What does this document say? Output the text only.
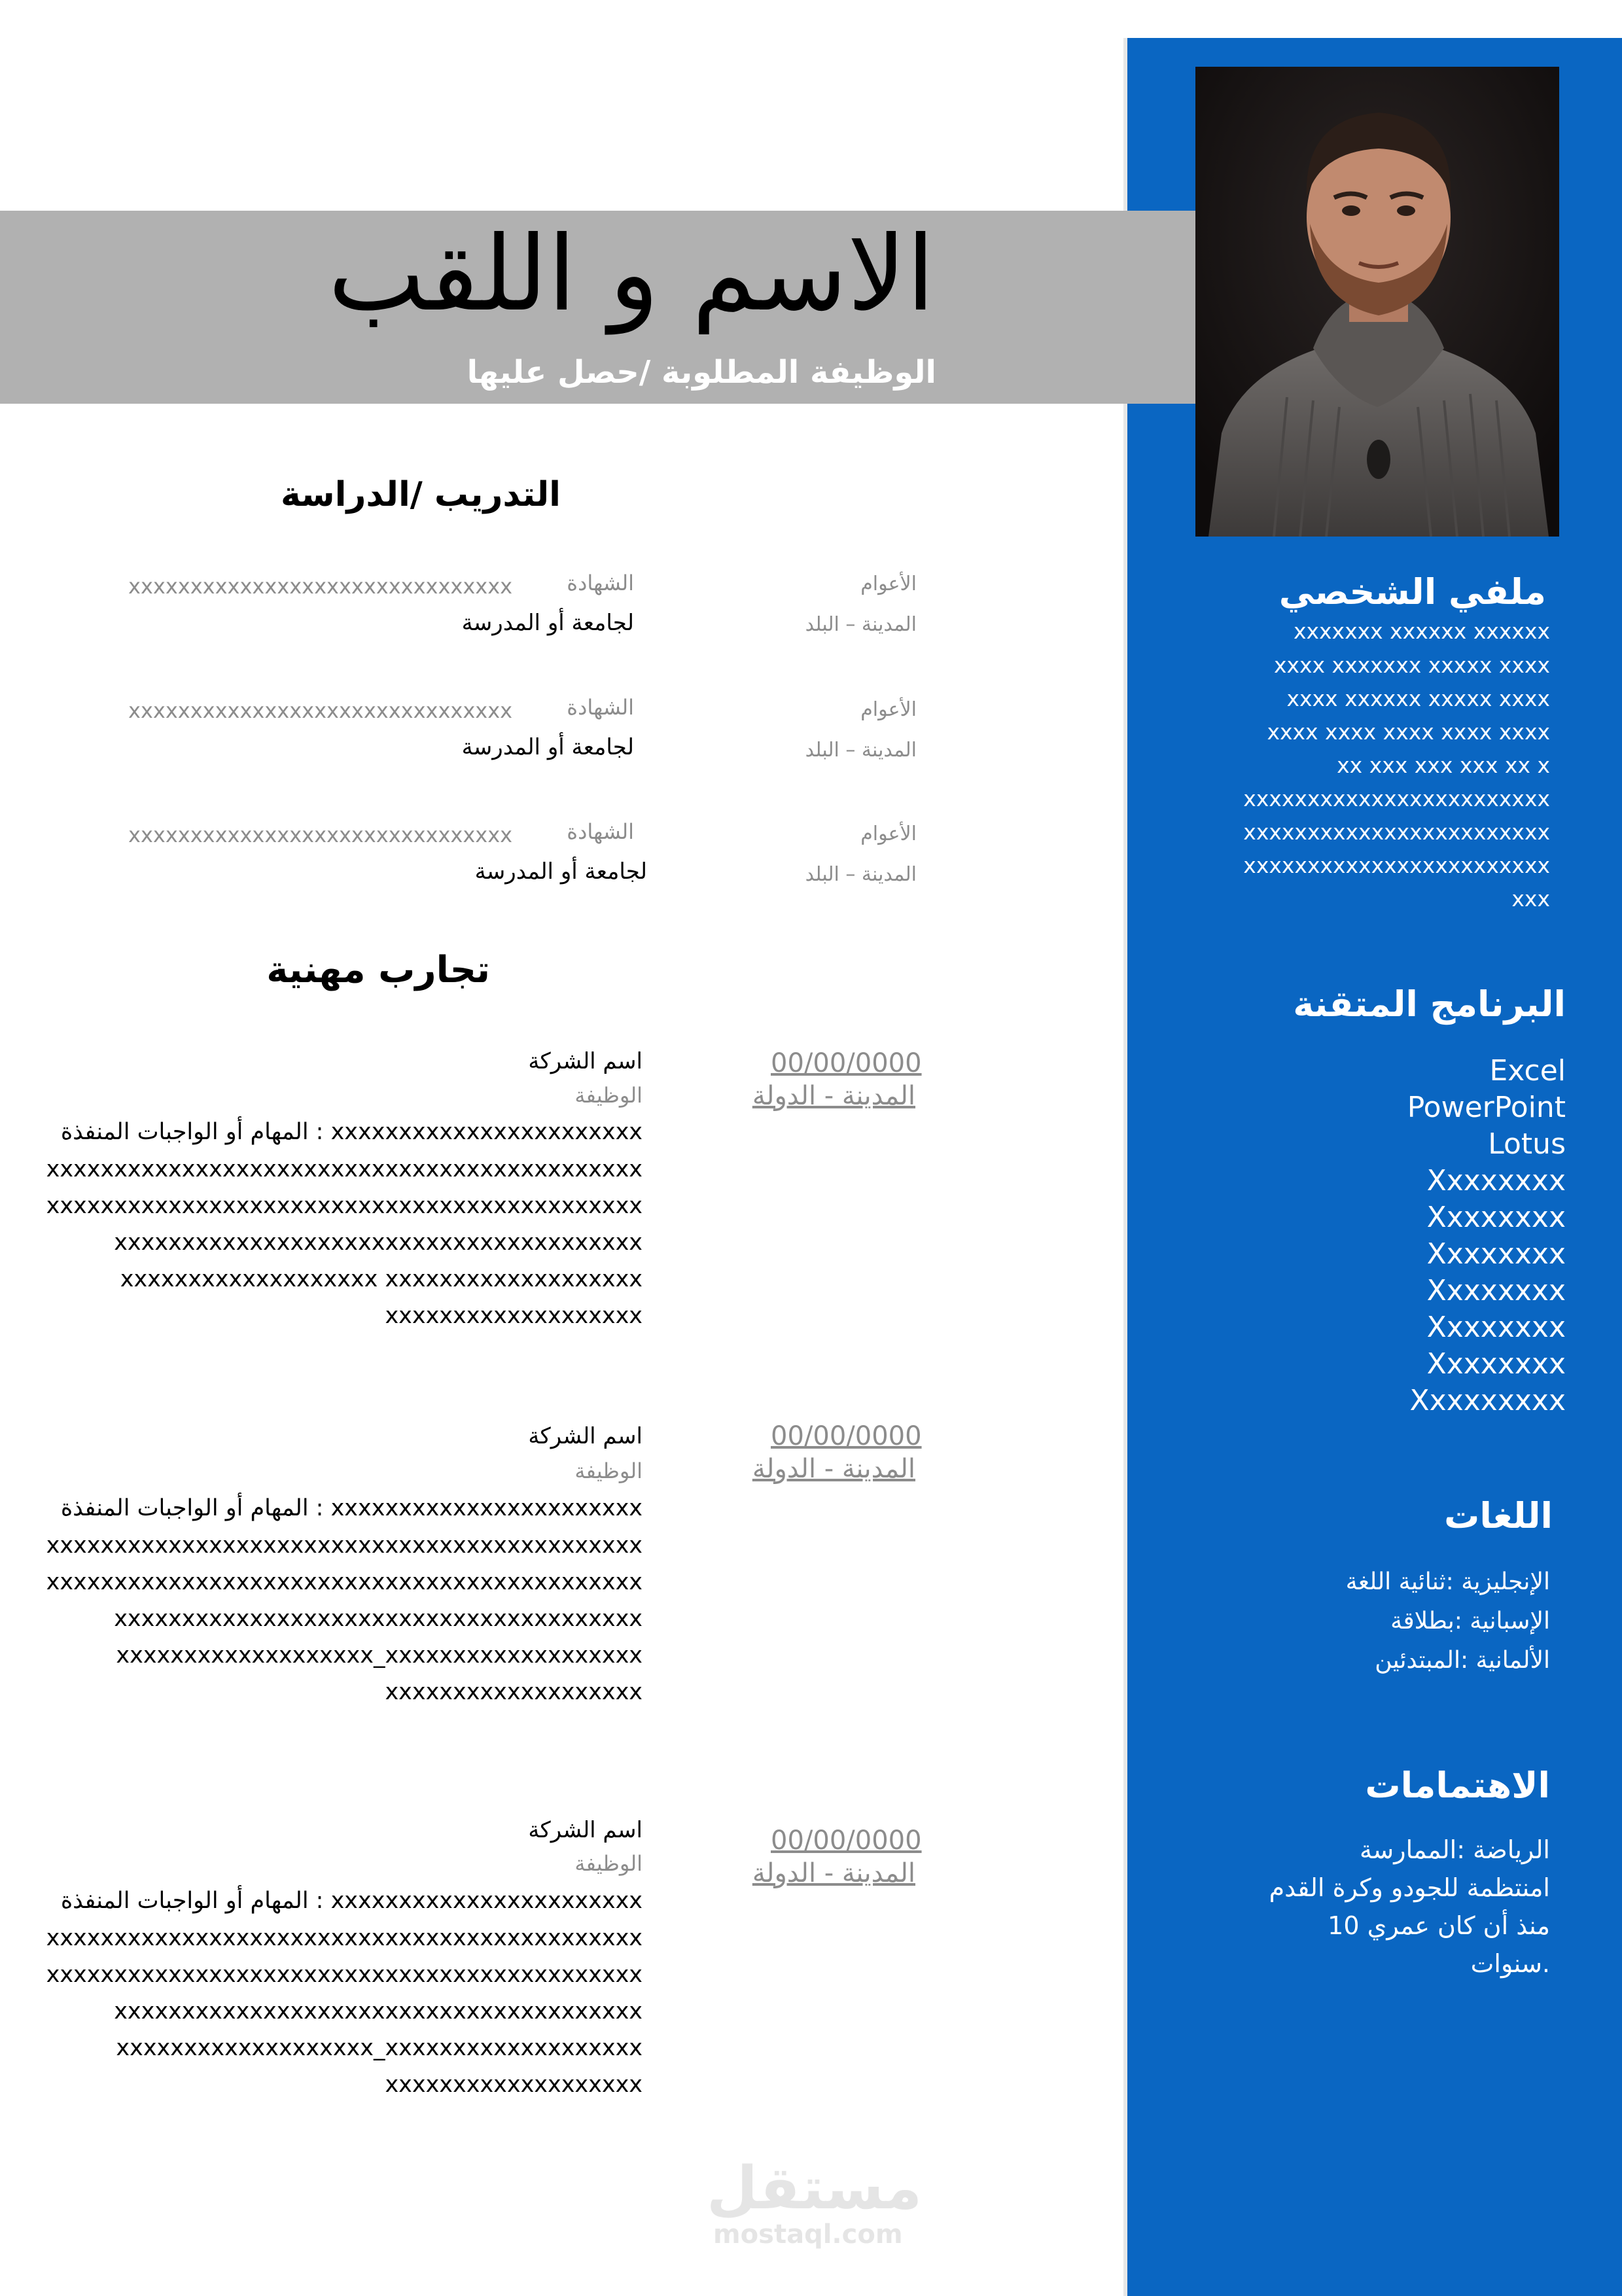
الاسم و اللقب
الوظيفة المطلوبة /حصل عليها
التدريب /الدراسة
الأعوام
المدينة – البلد
الشهادة
xxxxxxxxxxxxxxxxxxxxxxxxxxxxxxx
لجامعة أو المدرسة
الأعوام
المدينة – البلد
الشهادة
xxxxxxxxxxxxxxxxxxxxxxxxxxxxxxx
لجامعة أو المدرسة
الأعوام
المدينة – البلد
الشهادة
xxxxxxxxxxxxxxxxxxxxxxxxxxxxxxx
لجامعة أو المدرسة
تجارب مهنية
00/00/0000
المدينة - الدولة
اسم الشركة
الوظيفة
xxxxxxxxxxxxxxxxxxxxxxx : المهام أو الواجبات المنفذة
xxxxxxxxxxxxxxxxxxxxxxxxxxxxxxxxxxxxxxxxxxxx
xxxxxxxxxxxxxxxxxxxxxxxxxxxxxxxxxxxxxxxxxxxx
xxxxxxxxxxxxxxxxxxxxxxxxxxxxxxxxxxxxxxx
xxxxxxxxxxxxxxxxxxx xxxxxxxxxxxxxxxxxxx
xxxxxxxxxxxxxxxxxxx
00/00/0000
المدينة - الدولة
اسم الشركة
الوظيفة
xxxxxxxxxxxxxxxxxxxxxxx : المهام أو الواجبات المنفذة
xxxxxxxxxxxxxxxxxxxxxxxxxxxxxxxxxxxxxxxxxxxx
xxxxxxxxxxxxxxxxxxxxxxxxxxxxxxxxxxxxxxxxxxxx
xxxxxxxxxxxxxxxxxxxxxxxxxxxxxxxxxxxxxxx
xxxxxxxxxxxxxxxxxxx_xxxxxxxxxxxxxxxxxxx
xxxxxxxxxxxxxxxxxxx
00/00/0000
المدينة - الدولة
اسم الشركة
الوظيفة
xxxxxxxxxxxxxxxxxxxxxxx : المهام أو الواجبات المنفذة
xxxxxxxxxxxxxxxxxxxxxxxxxxxxxxxxxxxxxxxxxxxx
xxxxxxxxxxxxxxxxxxxxxxxxxxxxxxxxxxxxxxxxxxxx
xxxxxxxxxxxxxxxxxxxxxxxxxxxxxxxxxxxxxxx
xxxxxxxxxxxxxxxxxxx_xxxxxxxxxxxxxxxxxxx
xxxxxxxxxxxxxxxxxxx
ملفي الشخصي
xxxxxxx xxxxxx xxxxxx
xxxx xxxxxxx xxxxx xxxx
xxxx xxxxxx xxxxx xxxx
xxxx xxxx xxxx xxxx xxxx
xx xxx xxx xxx xx x
xxxxxxxxxxxxxxxxxxxxxxxx
xxxxxxxxxxxxxxxxxxxxxxxx
xxxxxxxxxxxxxxxxxxxxxxxx
xxx
البرنامج المتقنة
Excel
PowerPoint
Lotus
Xxxxxxxx
Xxxxxxxx
Xxxxxxxx
Xxxxxxxx
Xxxxxxxx
Xxxxxxxx
Xxxxxxxxx
اللغات
الإنجليزية :ثنائية اللغة
الإسبانية :بطلاقة
الألمانية :المبتدئين
الاهتمامات
الرياضة :الممارسة
امنتظمة للجودو وكرة القدم
منذ أن كان عمري 10
.سنوات
مستقل
mostaql.com
